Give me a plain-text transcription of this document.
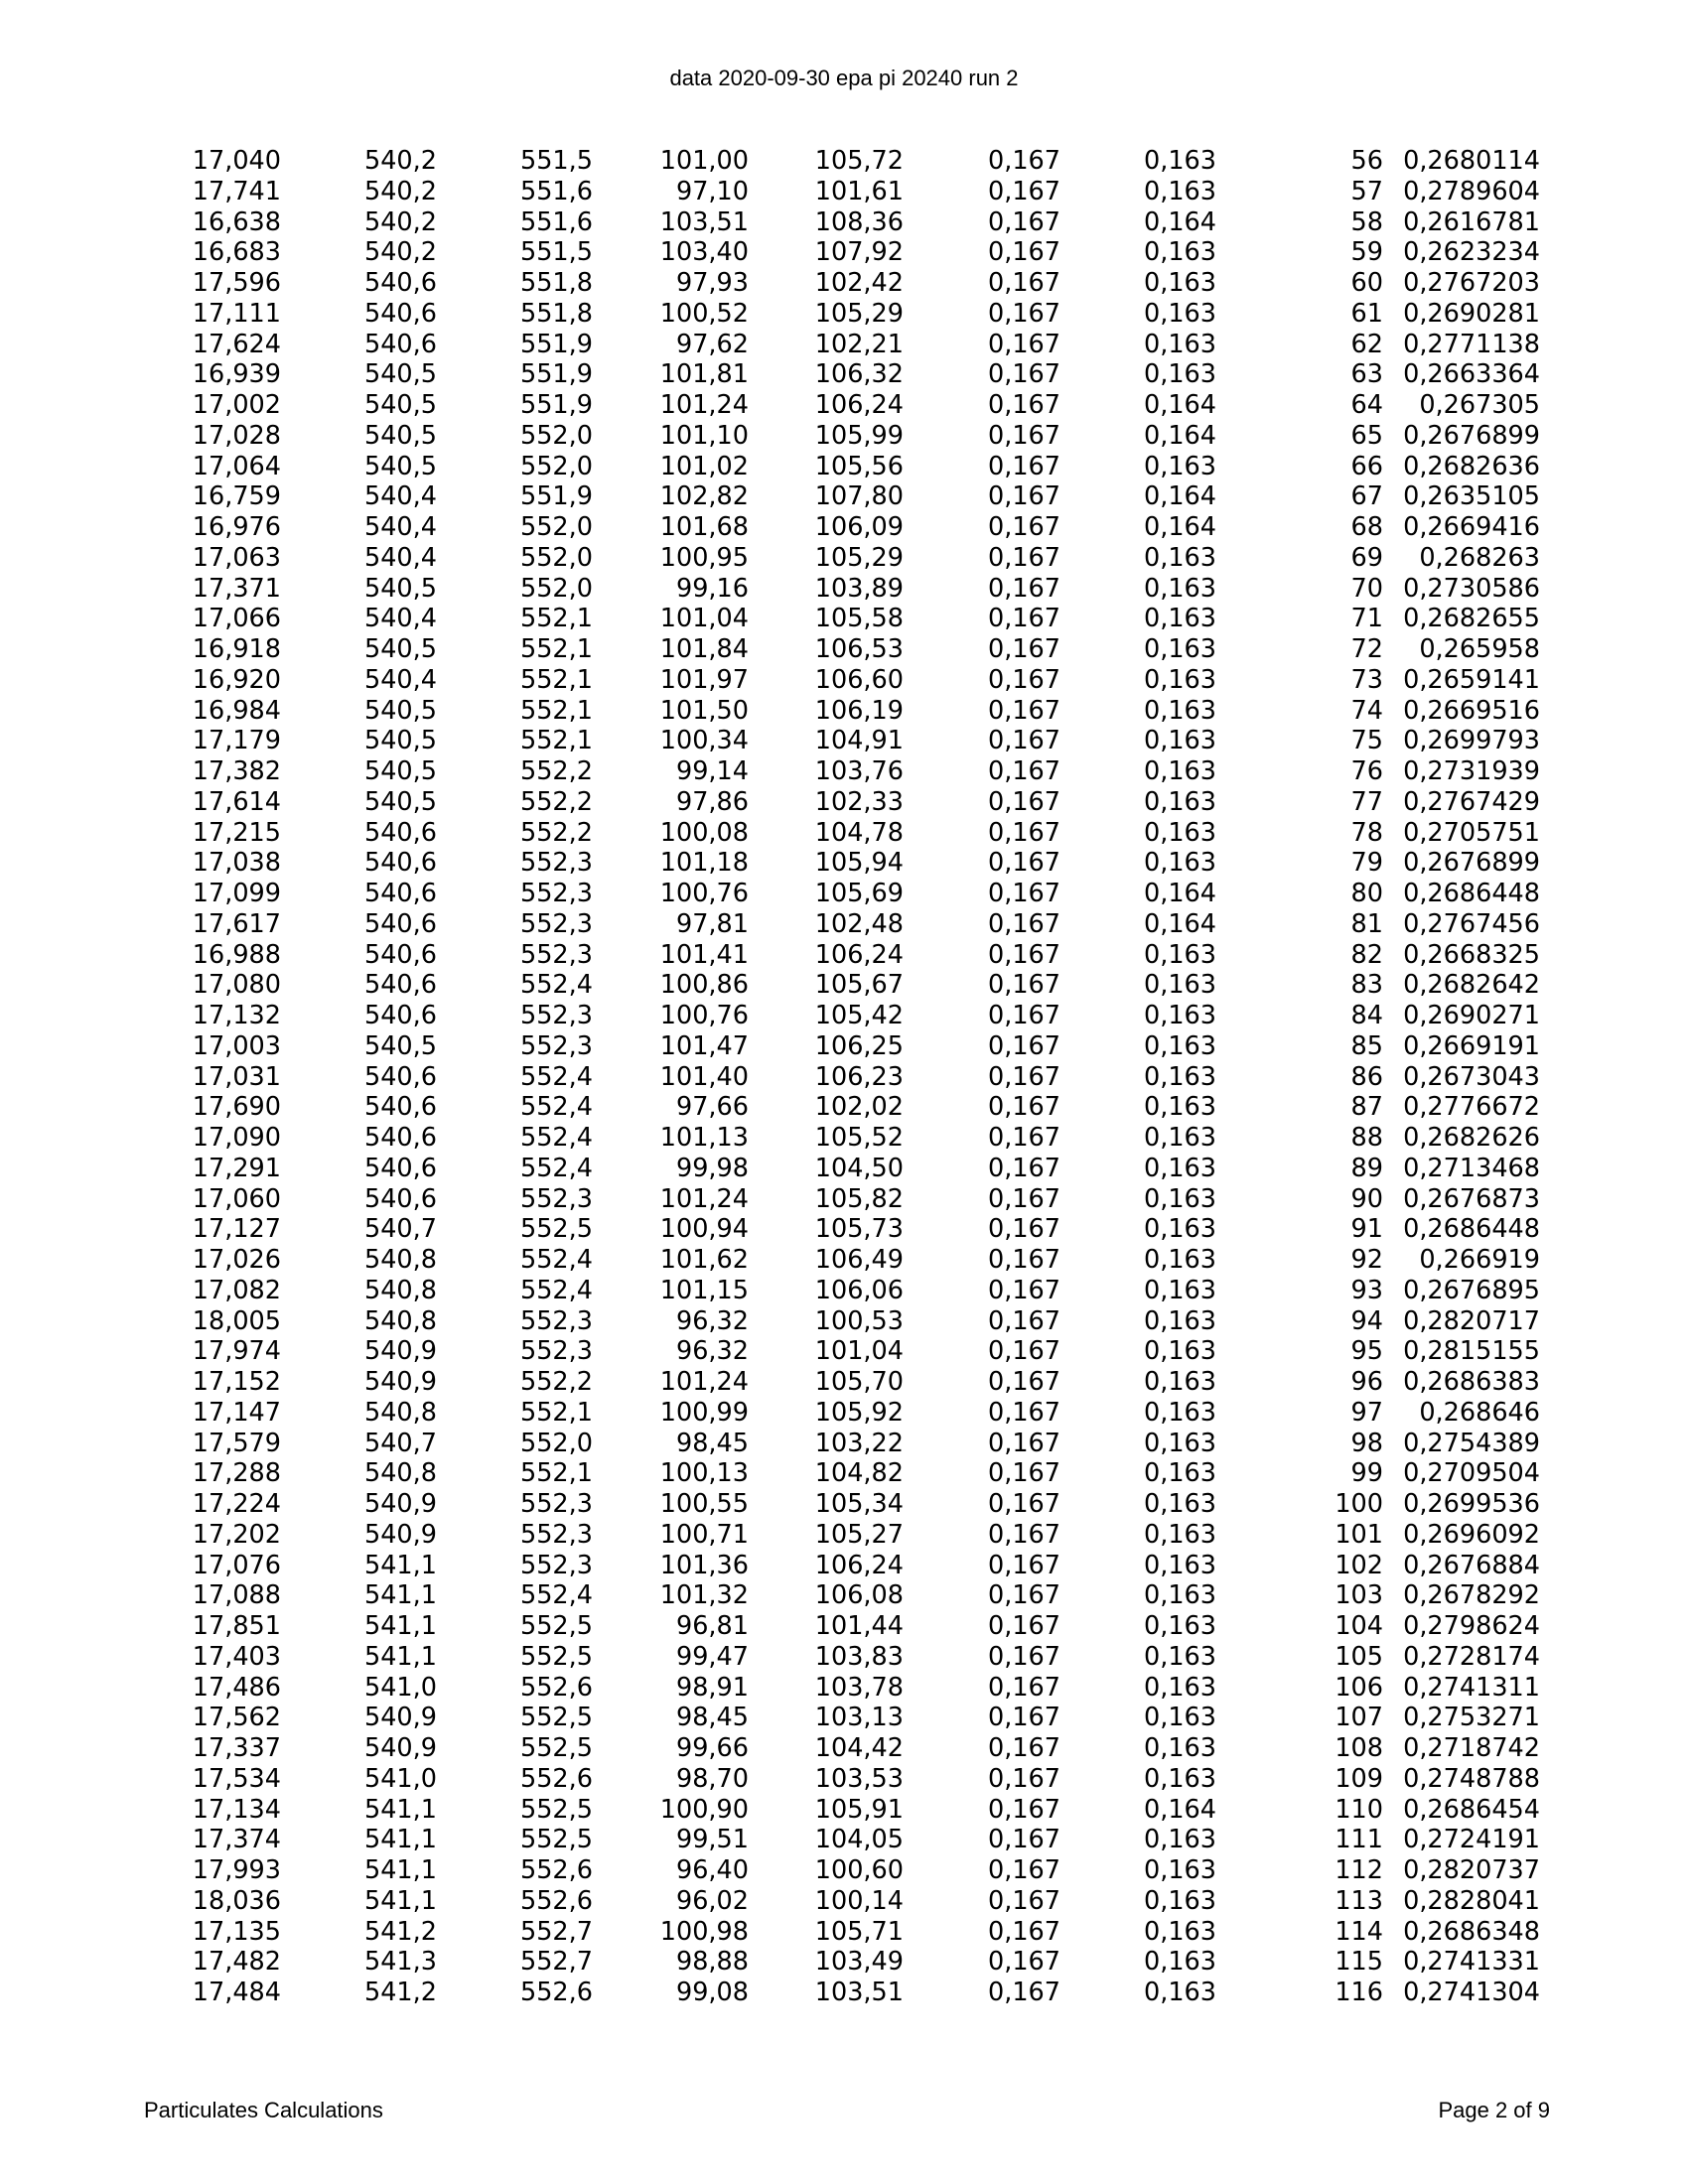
data 2020-09-30 epa pi 20240 run 2
17,040	540,2	551,5	101,00	105,72	0,167	0,163	56	0,2680114
17,741	540,2	551,6	97,10	101,61	0,167	0,163	57	0,2789604
16,638	540,2	551,6	103,51	108,36	0,167	0,164	58	0,2616781
16,683	540,2	551,5	103,40	107,92	0,167	0,163	59	0,2623234
17,596	540,6	551,8	97,93	102,42	0,167	0,163	60	0,2767203
17,111	540,6	551,8	100,52	105,29	0,167	0,163	61	0,2690281
17,624	540,6	551,9	97,62	102,21	0,167	0,163	62	0,2771138
16,939	540,5	551,9	101,81	106,32	0,167	0,163	63	0,2663364
17,002	540,5	551,9	101,24	106,24	0,167	0,164	64	0,267305
17,028	540,5	552,0	101,10	105,99	0,167	0,164	65	0,2676899
17,064	540,5	552,0	101,02	105,56	0,167	0,163	66	0,2682636
16,759	540,4	551,9	102,82	107,80	0,167	0,164	67	0,2635105
16,976	540,4	552,0	101,68	106,09	0,167	0,164	68	0,2669416
17,063	540,4	552,0	100,95	105,29	0,167	0,163	69	0,268263
17,371	540,5	552,0	99,16	103,89	0,167	0,163	70	0,2730586
17,066	540,4	552,1	101,04	105,58	0,167	0,163	71	0,2682655
16,918	540,5	552,1	101,84	106,53	0,167	0,163	72	0,265958
16,920	540,4	552,1	101,97	106,60	0,167	0,163	73	0,2659141
16,984	540,5	552,1	101,50	106,19	0,167	0,163	74	0,2669516
17,179	540,5	552,1	100,34	104,91	0,167	0,163	75	0,2699793
17,382	540,5	552,2	99,14	103,76	0,167	0,163	76	0,2731939
17,614	540,5	552,2	97,86	102,33	0,167	0,163	77	0,2767429
17,215	540,6	552,2	100,08	104,78	0,167	0,163	78	0,2705751
17,038	540,6	552,3	101,18	105,94	0,167	0,163	79	0,2676899
17,099	540,6	552,3	100,76	105,69	0,167	0,164	80	0,2686448
17,617	540,6	552,3	97,81	102,48	0,167	0,164	81	0,2767456
16,988	540,6	552,3	101,41	106,24	0,167	0,163	82	0,2668325
17,080	540,6	552,4	100,86	105,67	0,167	0,163	83	0,2682642
17,132	540,6	552,3	100,76	105,42	0,167	0,163	84	0,2690271
17,003	540,5	552,3	101,47	106,25	0,167	0,163	85	0,2669191
17,031	540,6	552,4	101,40	106,23	0,167	0,163	86	0,2673043
17,690	540,6	552,4	97,66	102,02	0,167	0,163	87	0,2776672
17,090	540,6	552,4	101,13	105,52	0,167	0,163	88	0,2682626
17,291	540,6	552,4	99,98	104,50	0,167	0,163	89	0,2713468
17,060	540,6	552,3	101,24	105,82	0,167	0,163	90	0,2676873
17,127	540,7	552,5	100,94	105,73	0,167	0,163	91	0,2686448
17,026	540,8	552,4	101,62	106,49	0,167	0,163	92	0,266919
17,082	540,8	552,4	101,15	106,06	0,167	0,163	93	0,2676895
18,005	540,8	552,3	96,32	100,53	0,167	0,163	94	0,2820717
17,974	540,9	552,3	96,32	101,04	0,167	0,163	95	0,2815155
17,152	540,9	552,2	101,24	105,70	0,167	0,163	96	0,2686383
17,147	540,8	552,1	100,99	105,92	0,167	0,163	97	0,268646
17,579	540,7	552,0	98,45	103,22	0,167	0,163	98	0,2754389
17,288	540,8	552,1	100,13	104,82	0,167	0,163	99	0,2709504
17,224	540,9	552,3	100,55	105,34	0,167	0,163	100	0,2699536
17,202	540,9	552,3	100,71	105,27	0,167	0,163	101	0,2696092
17,076	541,1	552,3	101,36	106,24	0,167	0,163	102	0,2676884
17,088	541,1	552,4	101,32	106,08	0,167	0,163	103	0,2678292
17,851	541,1	552,5	96,81	101,44	0,167	0,163	104	0,2798624
17,403	541,1	552,5	99,47	103,83	0,167	0,163	105	0,2728174
17,486	541,0	552,6	98,91	103,78	0,167	0,163	106	0,2741311
17,562	540,9	552,5	98,45	103,13	0,167	0,163	107	0,2753271
17,337	540,9	552,5	99,66	104,42	0,167	0,163	108	0,2718742
17,534	541,0	552,6	98,70	103,53	0,167	0,163	109	0,2748788
17,134	541,1	552,5	100,90	105,91	0,167	0,164	110	0,2686454
17,374	541,1	552,5	99,51	104,05	0,167	0,163	111	0,2724191
17,993	541,1	552,6	96,40	100,60	0,167	0,163	112	0,2820737
18,036	541,1	552,6	96,02	100,14	0,167	0,163	113	0,2828041
17,135	541,2	552,7	100,98	105,71	0,167	0,163	114	0,2686348
17,482	541,3	552,7	98,88	103,49	0,167	0,163	115	0,2741331
17,484	541,2	552,6	99,08	103,51	0,167	0,163	116	0,2741304
Particulates Calculations	Page 2 of 9
